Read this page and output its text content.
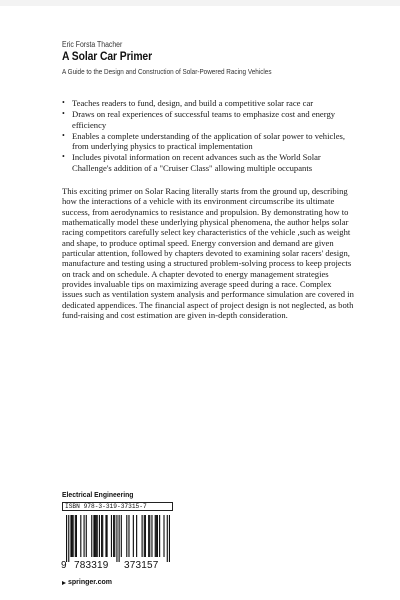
Eric Forsta Thacher
A Solar Car Primer
A Guide to the Design and Construction of Solar-Powered Racing Vehicles
• Teaches readers to fund, design, and build a competitive solar race car
• Draws on real experiences of successful teams to emphasize cost and energy efficiency
• Enables a complete understanding of the application of solar power to vehicles, from underlying physics to practical implementation
• Includes pivotal information on recent advances such as the World Solar Challenge's addition of a "Cruiser Class" allowing multiple occupants

This exciting primer on Solar Racing literally starts from the ground up, describing how the interactions of a vehicle with its environment circumscribe its ultimate success, from aerodynamics to resistance and propulsion. By demonstrating how to mathematically model these underlying physical phenomena, the author helps solar racing competitors carefully select key characteristics of the vehicle ,such as weight and shape, to produce optimal speed. Energy conversion and demand are given particular attention, followed by chapters devoted to examining solar racers' design, manufacture and testing using a structured problem-solving process to keep projects on track and on schedule. A chapter devoted to energy management strategies provides invaluable tips on maximizing average speed during a race. Complex issues such as ventilation system analysis and performance simulation are covered in dedicated appendices. The financial aspect of project design is not neglected, as both fund-raising and cost estimation are given in-depth consideration.

Electrical Engineering
ISBN 978-3-319-37315-7
9 783319 373157
springer.com
